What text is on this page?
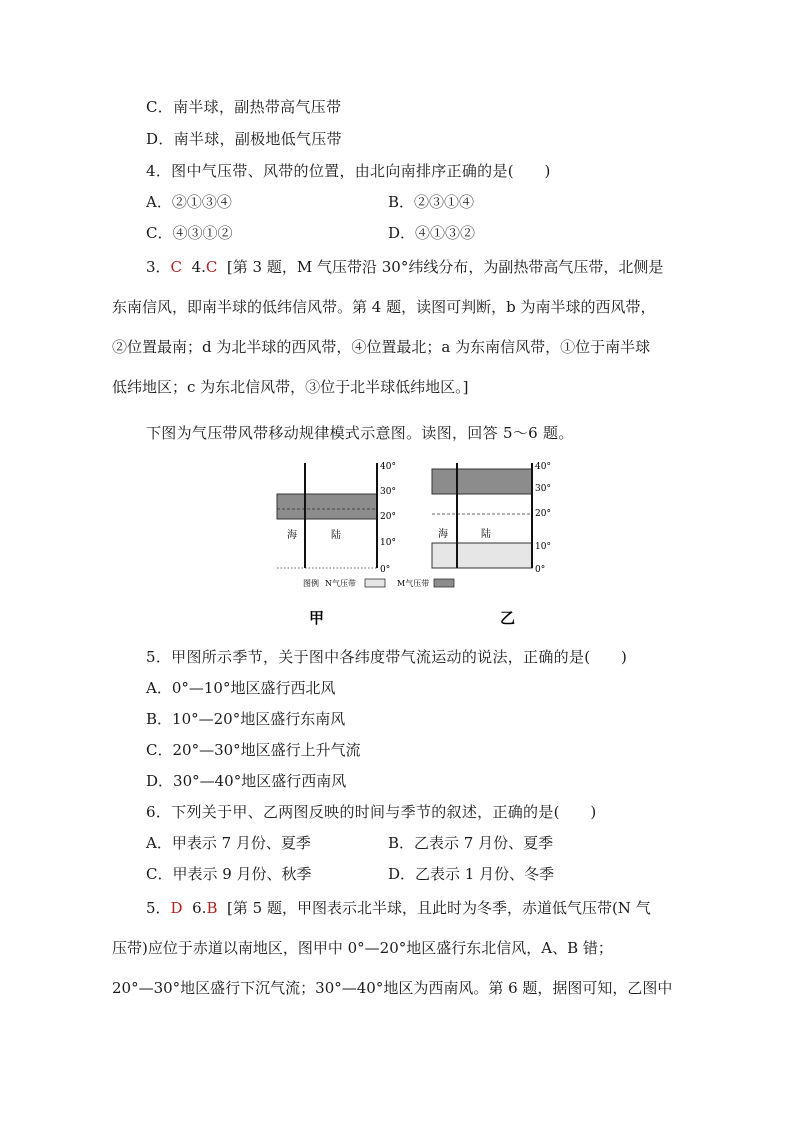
C．南半球，副热带高气压带
D．南半球，副极地低气压带
4．图中气压带、风带的位置，由北向南排序正确的是(　　)
A．②①③④	B．②③①④
C．④③①②	D．④①③②
3．C 4.C [第 3 题，M 气压带沿 30°纬线分布，为副热带高气压带，北侧是
东南信风，即南半球的低纬信风带。第 4 题，读图可判断，b 为南半球的西风带，
②位置最南；d 为北半球的西风带，④位置最北；a 为东南信风带，①位于南半球
低纬地区；c 为东北信风带，③位于北半球低纬地区。]
下图为气压带风带移动规律模式示意图。读图，回答 5～6 题。
海	陆
40°
30°
20°
10°
0°
海	陆
40°
30°
20°
10°
0°
图例 N气压带	M气压带
甲	乙
5．甲图所示季节，关于图中各纬度带气流运动的说法，正确的是(　　)
A．0°—10°地区盛行西北风
B．10°—20°地区盛行东南风
C．20°—30°地区盛行上升气流
D．30°—40°地区盛行西南风
6．下列关于甲、乙两图反映的时间与季节的叙述，正确的是(　　)
A．甲表示 7 月份、夏季	B．乙表示 7 月份、夏季
C．甲表示 9 月份、秋季	D．乙表示 1 月份、冬季
5．D 6.B [第 5 题，甲图表示北半球，且此时为冬季，赤道低气压带(N 气
压带)应位于赤道以南地区，图甲中 0°—20°地区盛行东北信风，A、B 错；
20°—30°地区盛行下沉气流；30°—40°地区为西南风。第 6 题，据图可知，乙图中
